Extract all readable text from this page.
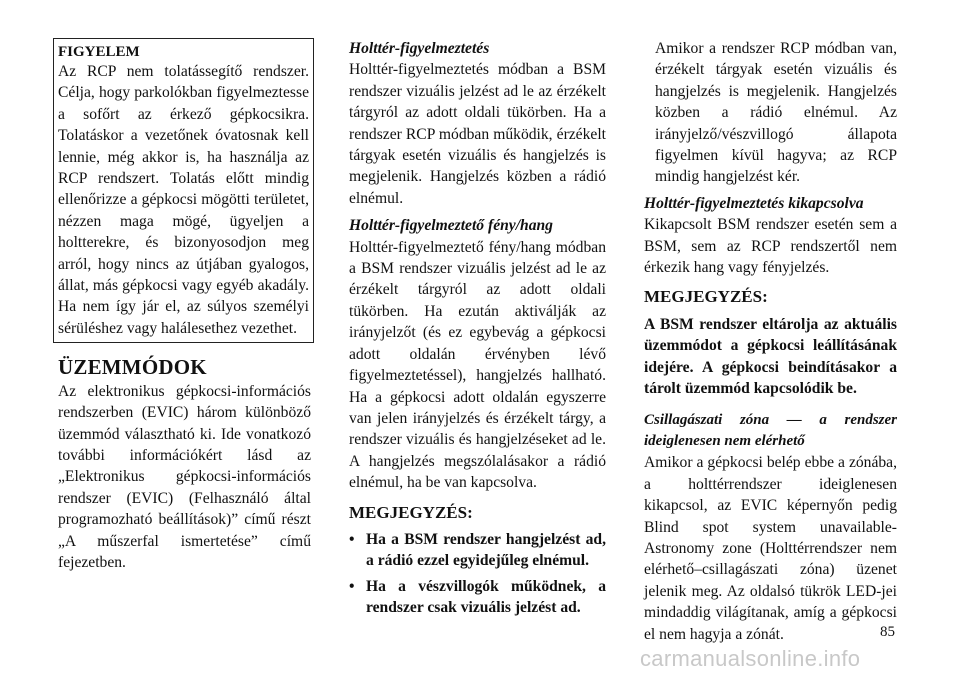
FIGYELEM

Az RCP nem tolatássegítő rendszer. Célja, hogy parkolókban figyelmeztesse a sofőrt az érkező gépkocsikra. Tolatáskor a vezetőnek óvatosnak kell lennie, még akkor is, ha használja az RCP rendszert. Tolatás előtt mindig ellenőrizze a gépkocsi mögötti területet, nézzen maga mögé, ügyeljen a holtterekre, és bizonyosodjon meg arról, hogy nincs az útjában gyalogos, állat, más gépkocsi vagy egyéb akadály. Ha nem így jár el, az súlyos személyi sérüléshez vagy halálesethez vezethet.

ÜZEMMÓDOK

Az elektronikus gépkocsi-információs rendszerben (EVIC) három különböző üzemmód választható ki. Ide vonatkozó további információkért lásd az „Elektronikus gépkocsi-információs rendszer (EVIC) (Felhasználó által programozható beállítások)” című részt „A műszerfal ismertetése” című fejezetben.

Holttér-figyelmeztetés

Holttér-figyelmeztetés módban a BSM rendszer vizuális jelzést ad le az érzékelt tárgyról az adott oldali tükörben. Ha a rendszer RCP módban működik, érzékelt tárgyak esetén vizuális és hangjelzés is megjelenik. Hangjelzés közben a rádió elnémul.

Holttér-figyelmeztető fény/hang

Holttér-figyelmeztető fény/hang módban a BSM rendszer vizuális jelzést ad le az érzékelt tárgyról az adott oldali tükörben. Ha ezután aktiválják az irányjelzőt (és ez egybevág a gépkocsi adott oldalán érvényben lévő figyelmeztetéssel), hangjelzés hallható. Ha a gépkocsi adott oldalán egyszerre van jelen irányjelzés és érzékelt tárgy, a rendszer vizuális és hangjelzéseket ad le. A hangjelzés megszólalásakor a rádió elnémul, ha be van kapcsolva.

MEGJEGYZÉS:
• Ha a BSM rendszer hangjelzést ad, a rádió ezzel egyidejűleg elnémul.
• Ha a vészvillogók működnek, a rendszer csak vizuális jelzést ad.

Amikor a rendszer RCP módban van, érzékelt tárgyak esetén vizuális és hangjelzés is megjelenik. Hangjelzés közben a rádió elnémul. Az irányjelző/vészvillogó állapota figyelmen kívül hagyva; az RCP mindig hangjelzést kér.

Holttér-figyelmeztetés kikapcsolva

Kikapcsolt BSM rendszer esetén sem a BSM, sem az RCP rendszertől nem érkezik hang vagy fényjelzés.

MEGJEGYZÉS:

A BSM rendszer eltárolja az aktuális üzemmódot a gépkocsi leállításának idejére. A gépkocsi beindításakor a tárolt üzemmód kapcsolódik be.

Csillagászati zóna — a rendszer ideiglenesen nem elérhető

Amikor a gépkocsi belép ebbe a zónába, a holttérrendszer ideiglenesen kikapcsol, az EVIC képernyőn pedig Blind spot system unavailable-Astronomy zone (Holttérrendszer nem elérhető–csillagászati zóna) üzenet jelenik meg. Az oldalsó tükrök LED-jei mindaddig világítanak, amíg a gépkocsi el nem hagyja a zónát.	85
carmanualsonline.info
